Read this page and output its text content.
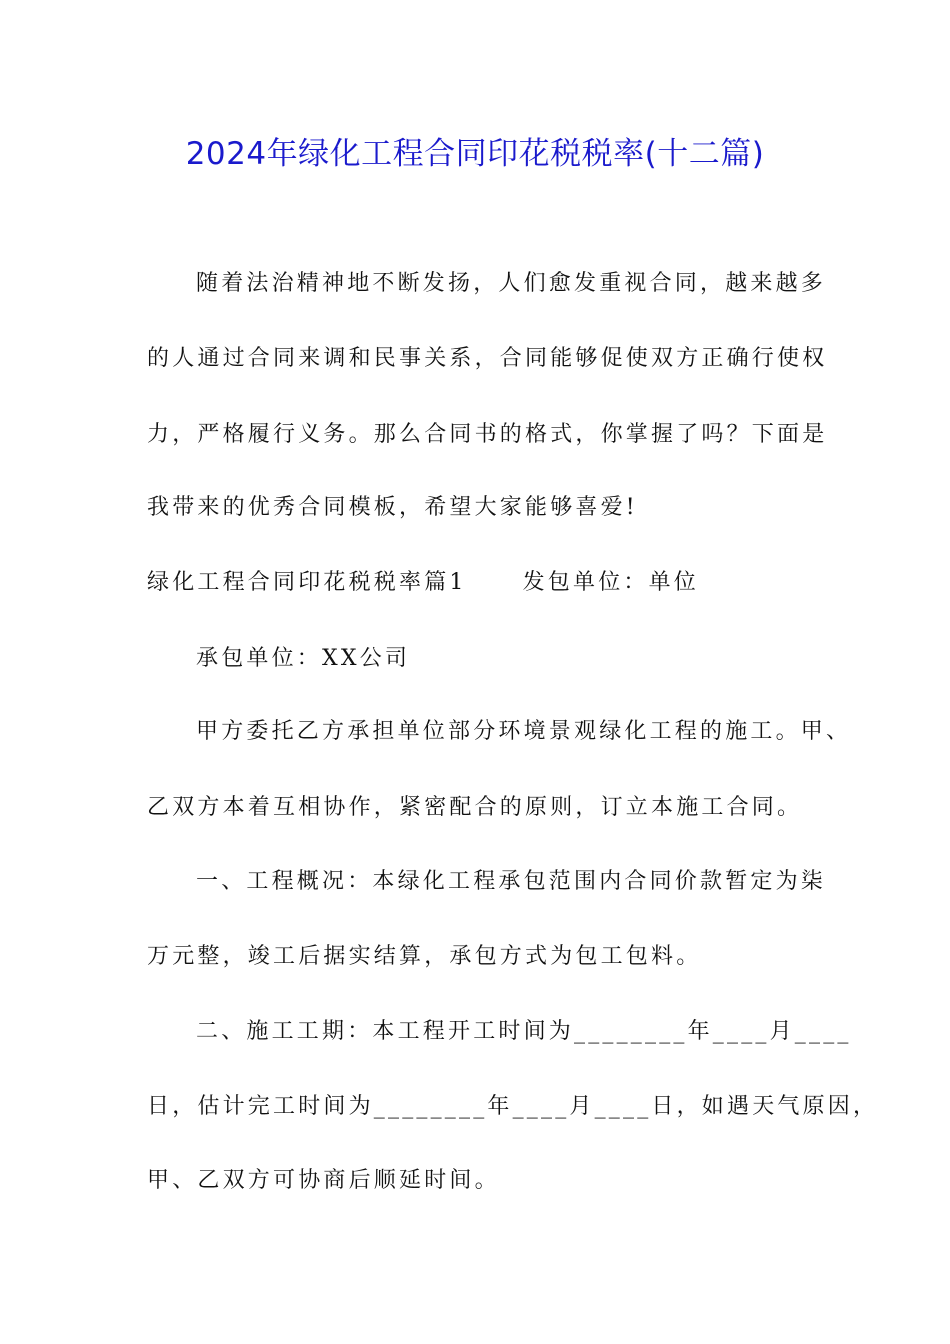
2024年绿化工程合同印花税税率(十二篇)
随着法治精神地不断发扬，人们愈发重视合同，越来越多
的人通过合同来调和民事关系，合同能够促使双方正确行使权
力，严格履行义务。那么合同书的格式，你掌握了吗？下面是
我带来的优秀合同模板，希望大家能够喜爱!
绿化工程合同印花税税率篇1	发包单位：单位
承包单位：XX公司
甲方委托乙方承担单位部分环境景观绿化工程的施工。甲、
乙双方本着互相协作，紧密配合的原则，订立本施工合同。
一、工程概况：本绿化工程承包范围内合同价款暂定为柒
万元整，竣工后据实结算，承包方式为包工包料。
二、施工工期：本工程开工时间为________年____月____
日，估计完工时间为________年____月____日，如遇天气原因，
甲、乙双方可协商后顺延时间。
